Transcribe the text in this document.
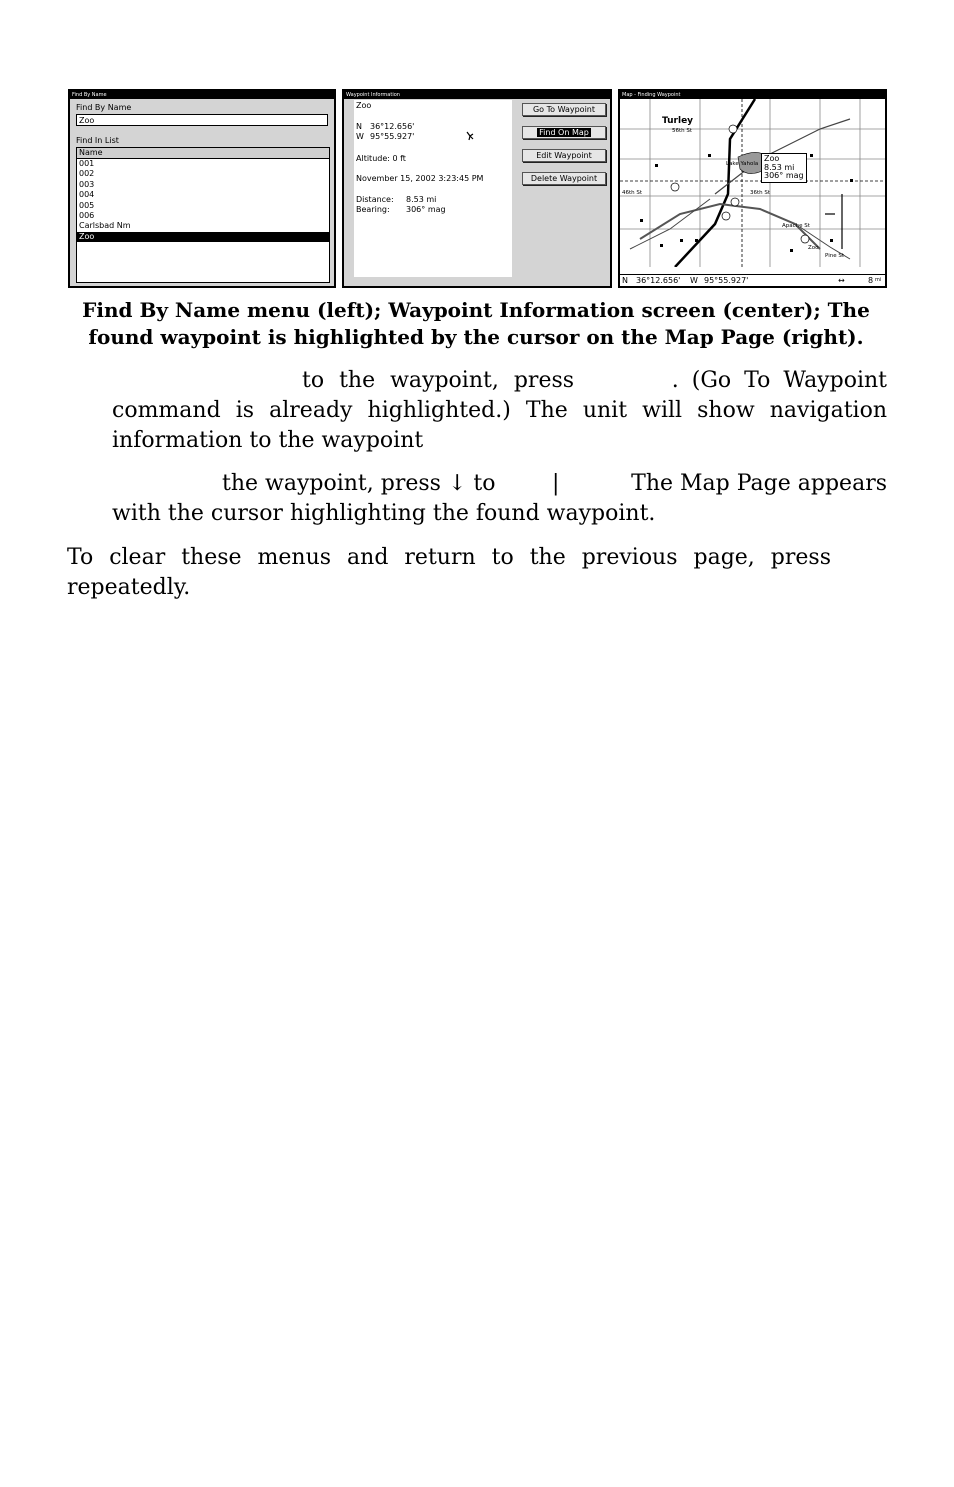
Find By Name
Find By Name
Zoo
Find In List
Name
001
002
003
004
005
006
Carlsbad Nm
Zoo
Waypoint Information
Zoo
N 36°12.656'
W 95°55.927'
Altitude: 0 ft
November 15, 2002 3:23:45 PM
Distance: 8.53 mi
Bearing: 306° mag
Go To Waypoint
Find On Map
Edit Waypoint
Delete Waypoint
Map - Finding Waypoint
56th St
46th St	36th St
Apache St
Pine St
Lake Yahola
Zoo
Turley
Zoo
8.53 mi
306° mag
N 36°12.656' W 95°55.927'	↔	8 mi
Find By Name menu (left); Waypoint Information screen (center); The
found waypoint is highlighted by the cursor on the Map Page (right).
to the waypoint, press	. (Go To Waypoint
command is already highlighted.) The unit will show navigation
information to the waypoint
the waypoint, press ↓ to	|	The Map Page appears
with the cursor highlighting the found waypoint.
To clear these menus and return to the previous page, press
repeatedly.
